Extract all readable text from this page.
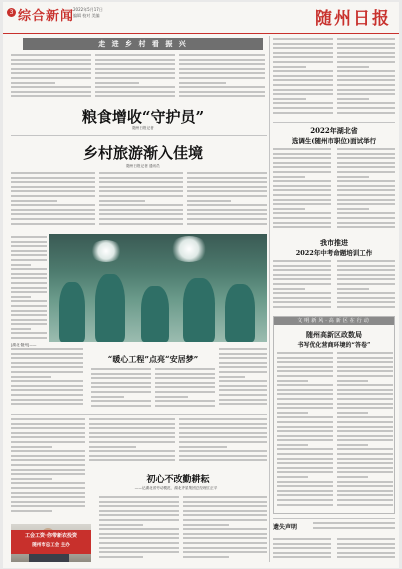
3 综合新闻
2022年5月17日
编辑 校对 美编	随州日报
走 进 乡 村 看 振 兴
粮食增收“守护员”
随州日报记者
乡村旅游渐入佳境
随州日报记者 通讯员
[湖北·随州]——
“暖心工程”点亮“安居梦”
初心不改勤耕耘
——记湖北省劳动模范、湖北齐星集团总经理江正平
工会工资·你带新农投资
随州市总工会 主办
2022年湖北省
选调生(随州市职位)面试举行
我市推进
2022年中考命题培训工作
文明新风·高新区在行动
随州高新区政数局
书写优化营商环境的“答卷”
遗失声明
